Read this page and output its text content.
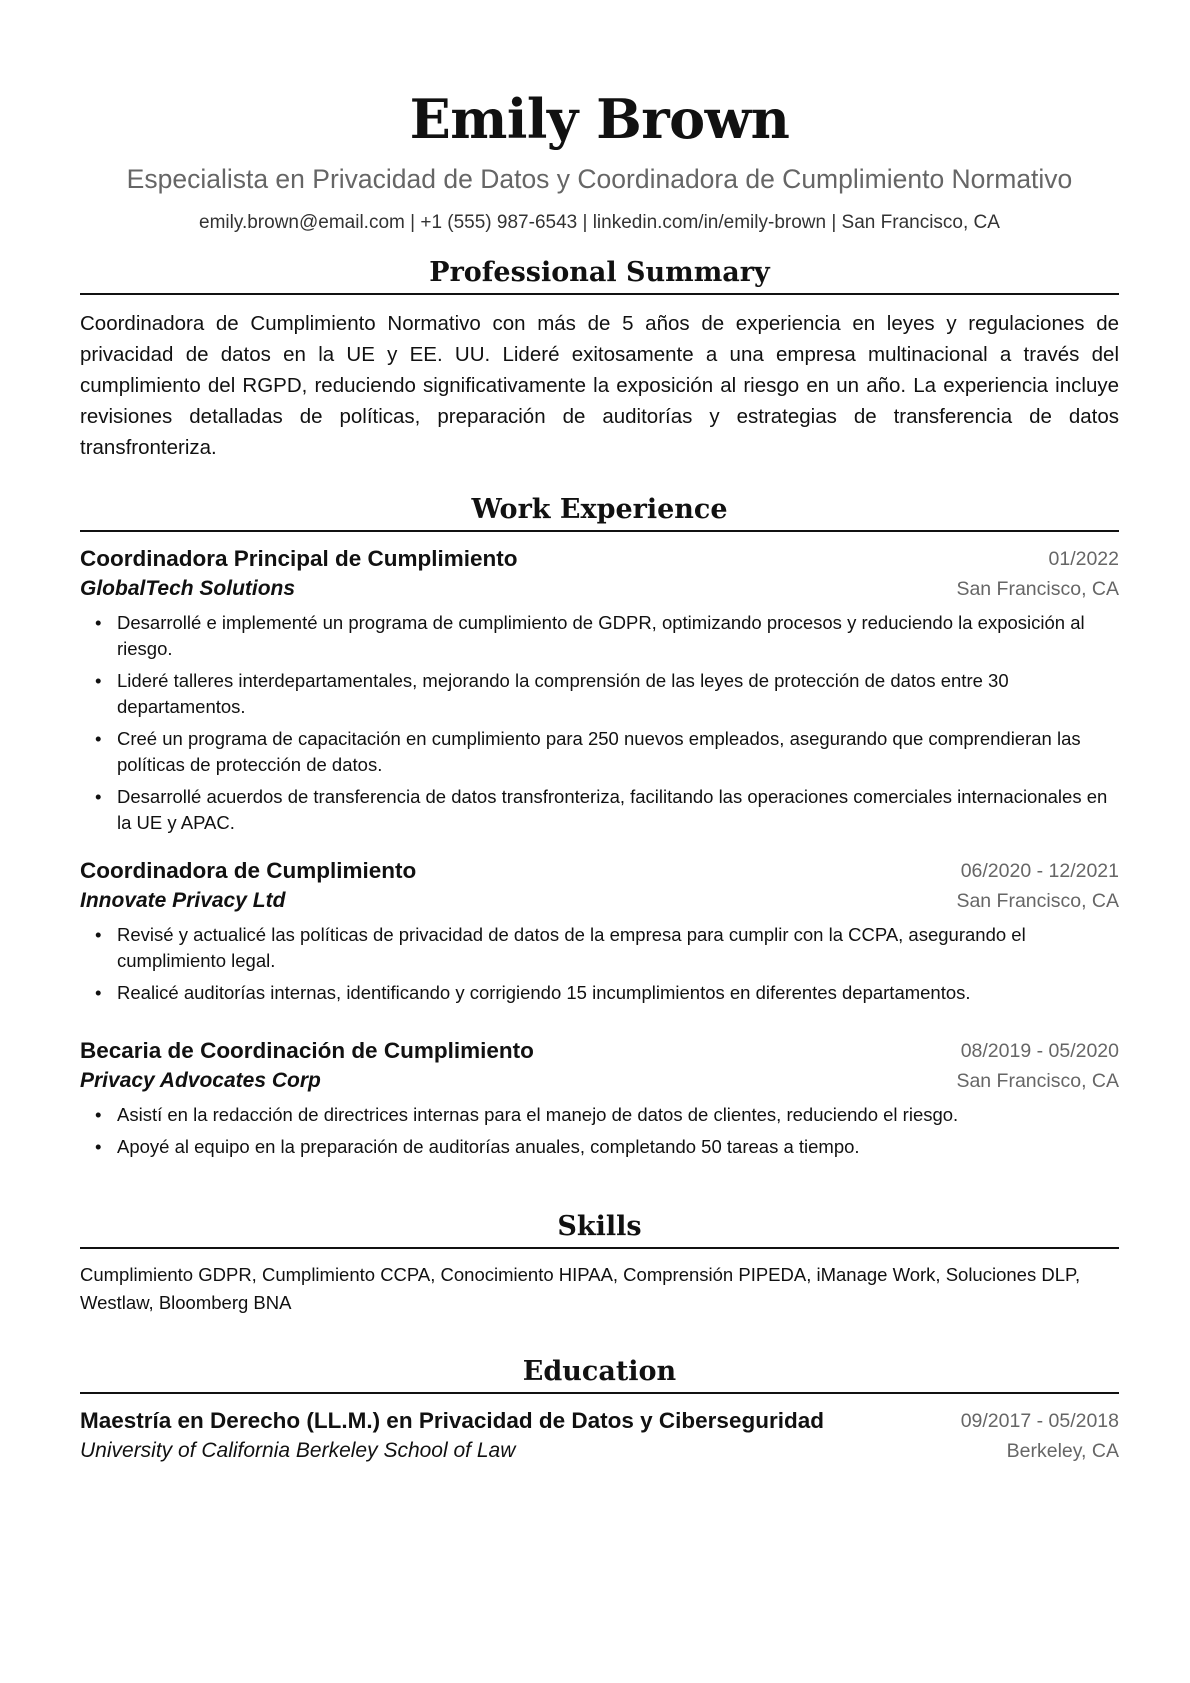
Emily Brown
Especialista en Privacidad de Datos y Coordinadora de Cumplimiento Normativo
emily.brown@email.com | +1 (555) 987-6543 | linkedin.com/in/emily-brown | San Francisco, CA
Professional Summary
Coordinadora de Cumplimiento Normativo con más de 5 años de experiencia en leyes y regulaciones de privacidad de datos en la UE y EE. UU. Lideré exitosamente a una empresa multinacional a través del cumplimiento del RGPD, reduciendo significativamente la exposición al riesgo en un año. La experiencia incluye revisiones detalladas de políticas, preparación de auditorías y estrategias de transferencia de datos transfronteriza.
Work Experience
Coordinadora Principal de Cumplimiento	01/2022
GlobalTech Solutions	San Francisco, CA
• Desarrollé e implementé un programa de cumplimiento de GDPR, optimizando procesos y reduciendo la exposición al riesgo.
• Lideré talleres interdepartamentales, mejorando la comprensión de las leyes de protección de datos entre 30 departamentos.
• Creé un programa de capacitación en cumplimiento para 250 nuevos empleados, asegurando que comprendieran las políticas de protección de datos.
• Desarrollé acuerdos de transferencia de datos transfronteriza, facilitando las operaciones comerciales internacionales en la UE y APAC.
Coordinadora de Cumplimiento	06/2020 - 12/2021
Innovate Privacy Ltd	San Francisco, CA
• Revisé y actualicé las políticas de privacidad de datos de la empresa para cumplir con la CCPA, asegurando el cumplimiento legal.
• Realicé auditorías internas, identificando y corrigiendo 15 incumplimientos en diferentes departamentos.
Becaria de Coordinación de Cumplimiento	08/2019 - 05/2020
Privacy Advocates Corp	San Francisco, CA
• Asistí en la redacción de directrices internas para el manejo de datos de clientes, reduciendo el riesgo.
• Apoyé al equipo en la preparación de auditorías anuales, completando 50 tareas a tiempo.
Skills
Cumplimiento GDPR, Cumplimiento CCPA, Conocimiento HIPAA, Comprensión PIPEDA, iManage Work, Soluciones DLP, Westlaw, Bloomberg BNA
Education
Maestría en Derecho (LL.M.) en Privacidad de Datos y Ciberseguridad	09/2017 - 05/2018
University of California Berkeley School of Law	Berkeley, CA
